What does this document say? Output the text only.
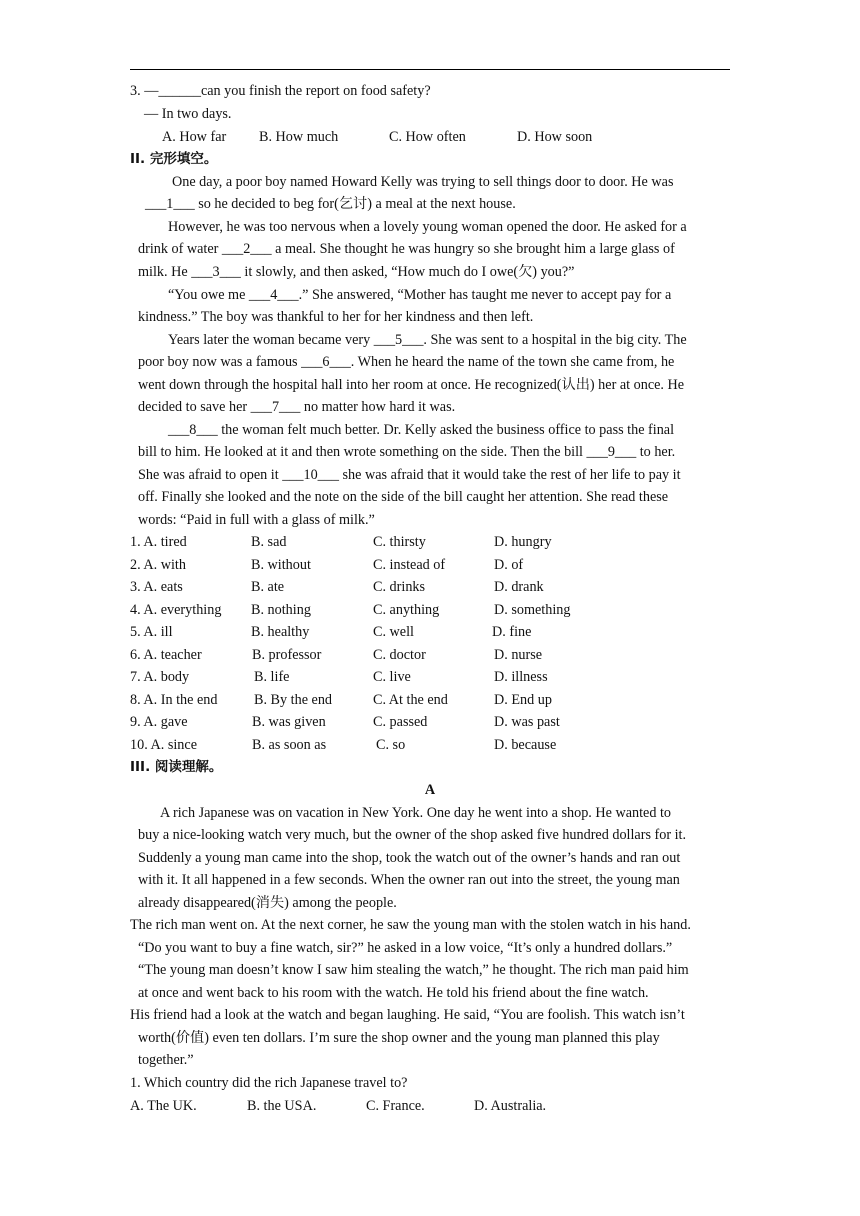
3. —______can you finish the report on food safety?
— In two days.
A. How far B. How much	C. How often	D. How soon
II. 完形填空。
One day, a poor boy named Howard Kelly was trying to sell things door to door. He was
___1___ so he decided to beg for(乞讨) a meal at the next house.
However, he was too nervous when a lovely young woman opened the door. He asked for a
drink of water ___2___ a meal. She thought he was hungry so she brought him a large glass of
milk. He ___3___ it slowly, and then asked, “How much do I owe(欠) you?”
“You owe me ___4___.” She answered, “Mother has taught me never to accept pay for a
kindness.” The boy was thankful to her for her kindness and then left.
Years later the woman became very ___5___. She was sent to a hospital in the big city. The
poor boy now was a famous ___6___. When he heard the name of the town she came from, he
went down through the hospital hall into her room at once. He recognized(认出) her at once. He
decided to save her ___7___ no matter how hard it was.
___8___ the woman felt much better. Dr. Kelly asked the business office to pass the final
bill to him. He looked at it and then wrote something on the side. Then the bill ___9___ to her.
She was afraid to open it ___10___ she was afraid that it would take the rest of her life to pay it
off. Finally she looked and the note on the side of the bill caught her attention. She read these
words: “Paid in full with a glass of milk.”
1. A. tired	B. sad	C. thirsty	D. hungry
2. A. with	B. without	C. instead of	D. of
3. A. eats	B. ate	C. drinks	D. drank
4. A. everything B. nothing	C. anything	D. something
5. A. ill	B. healthy	C. well	D. fine
6. A. teacher	B. professor	C. doctor	D. nurse
7. A. body	B. life	C. live	D. illness
8. A. In the end	B. By the end	C. At the end	D. End up
9. A. gave	B. was given	C. passed	D. was past
10. A. since	B. as soon as	C. so	D. because
III. 阅读理解。
A
A rich Japanese was on vacation in New York. One day he went into a shop. He wanted to
buy a nice-looking watch very much, but the owner of the shop asked five hundred dollars for it.
Suddenly a young man came into the shop, took the watch out of the owner’s hands and ran out
with it. It all happened in a few seconds. When the owner ran out into the street, the young man
already disappeared(消失) among the people.
The rich man went on. At the next corner, he saw the young man with the stolen watch in his hand.
“Do you want to buy a fine watch, sir?” he asked in a low voice, “It’s only a hundred dollars.”
“The young man doesn’t know I saw him stealing the watch,” he thought. The rich man paid him
at once and went back to his room with the watch. He told his friend about the fine watch.
His friend had a look at the watch and began laughing. He said, “You are foolish. This watch isn’t
worth(价值) even ten dollars. I’m sure the shop owner and the young man planned this play
together.”
1. Which country did the rich Japanese travel to?
A. The UK.	B. the USA.	C. France.	D. Australia.
